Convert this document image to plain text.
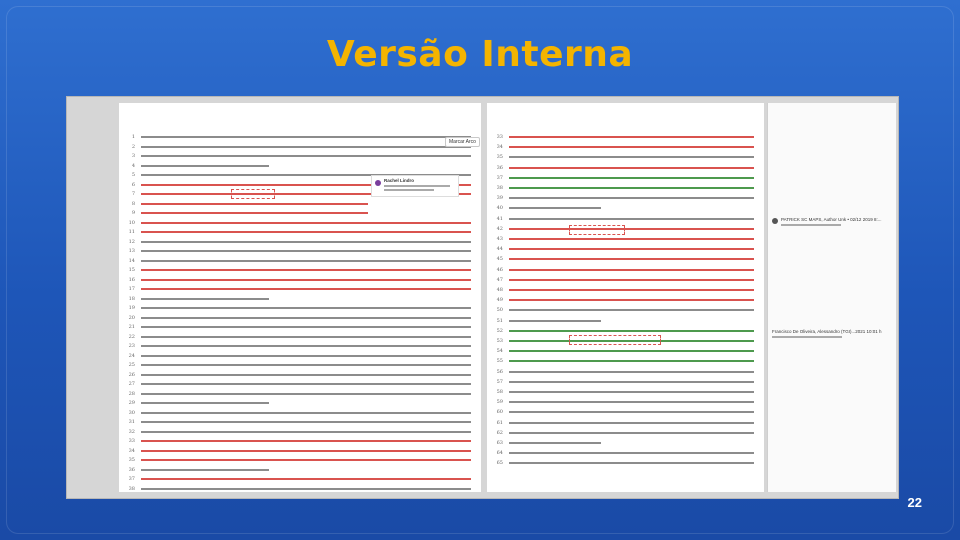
Versão Interna
1
2
3
4
5
6
7
8
9
10
11
12
13
14
15
16
17
18
19
20
21
22
23
24
25
26
27
28
29
30
31
32
33
34
35
36
37
38
Marcar Arco
Rachel Lindro
33
34
35
36
37
38
39
40
41
42
43
44
45
46
47
48
49
50
51
52
53
54
55
56
57
58
59
60
61
62
63
64
65
PATRICK SC MAPS, Author Unk • 02/12 2019 8:...
Francisco De Oliveira, Alessandro (TGI)...2021 10:01 h
22
